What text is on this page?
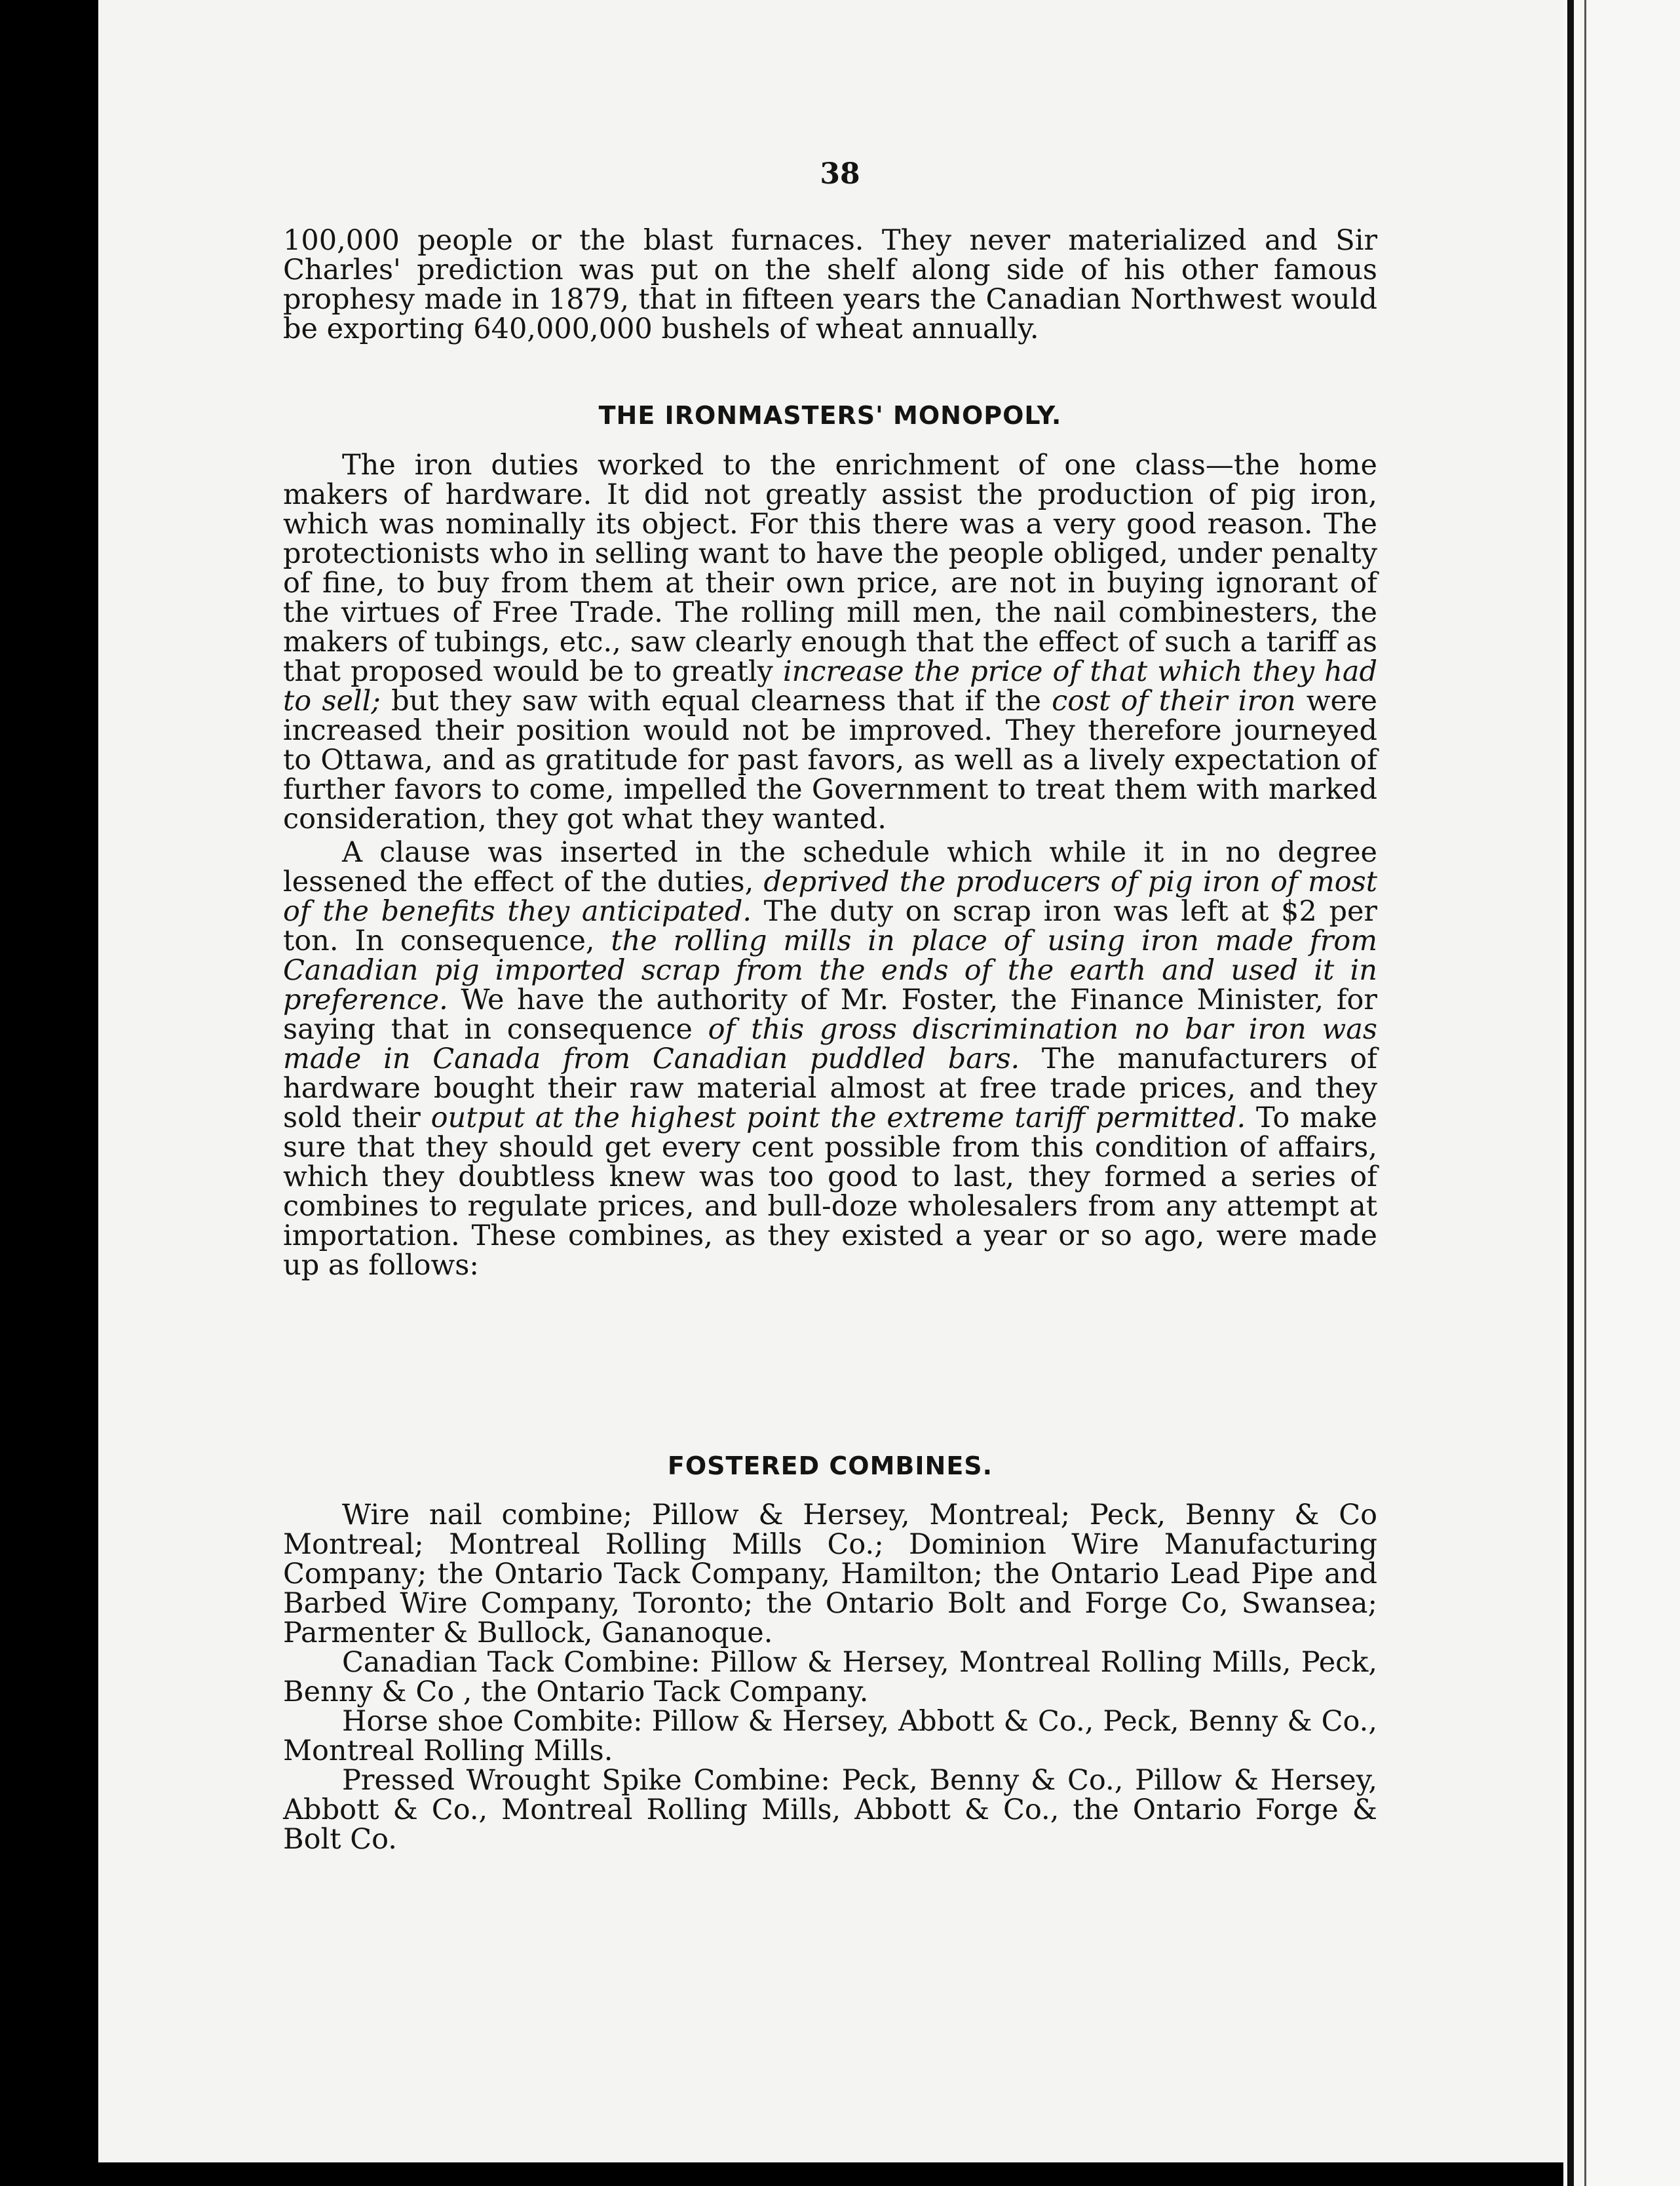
38

100,000 people or the blast furnaces. They never materialized and Sir Charles' prediction was put on the shelf along side of his other famous prophesy made in 1879, that in fifteen years the Canadian Northwest would be exporting 640,000,000 bushels of wheat annually.

THE IRONMASTERS' MONOPOLY.

The iron duties worked to the enrichment of one class—the home makers of hardware. It did not greatly assist the production of pig iron, which was nominally its object. For this there was a very good reason. The protectionists who in selling want to have the people obliged, under penalty of fine, to buy from them at their own price, are not in buying ignorant of the virtues of Free Trade. The rolling mill men, the nail combinesters, the makers of tubings, etc., saw clearly enough that the effect of such a tariff as that proposed would be to greatly increase the price of that which they had to sell; but they saw with equal clearness that if the cost of their iron were increased their position would not be improved. They therefore journeyed to Ottawa, and as gratitude for past favors, as well as a lively expectation of further favors to come, impelled the Government to treat them with marked consideration, they got what they wanted.

A clause was inserted in the schedule which while it in no degree lessened the effect of the duties, deprived the producers of pig iron of most of the benefits they anticipated. The duty on scrap iron was left at $2 per ton. In consequence, the rolling mills in place of using iron made from Canadian pig imported scrap from the ends of the earth and used it in preference. We have the authority of Mr. Foster, the Finance Minister, for saying that in consequence of this gross discrimination no bar iron was made in Canada from Canadian puddled bars. The manufacturers of hardware bought their raw material almost at free trade prices, and they sold their output at the highest point the extreme tariff permitted. To make sure that they should get every cent possible from this condition of affairs, which they doubtless knew was too good to last, they formed a series of combines to regulate prices, and bull-doze wholesalers from any attempt at importation. These combines, as they existed a year or so ago, were made up as follows:

FOSTERED COMBINES.

Wire nail combine; Pillow & Hersey, Montreal; Peck, Benny & Co Montreal; Montreal Rolling Mills Co.; Dominion Wire Manufacturing Company; the Ontario Tack Company, Hamilton; the Ontario Lead Pipe and Barbed Wire Company, Toronto; the Ontario Bolt and Forge Co, Swansea; Parmenter & Bullock, Gananoque.

Canadian Tack Combine: Pillow & Hersey, Montreal Rolling Mills, Peck, Benny & Co , the Ontario Tack Company.

Horse shoe Combite: Pillow & Hersey, Abbott & Co., Peck, Benny & Co., Montreal Rolling Mills.

Pressed Wrought Spike Combine: Peck, Benny & Co., Pillow & Hersey, Abbott & Co., Montreal Rolling Mills, Abbott & Co., the Ontario Forge & Bolt Co.
